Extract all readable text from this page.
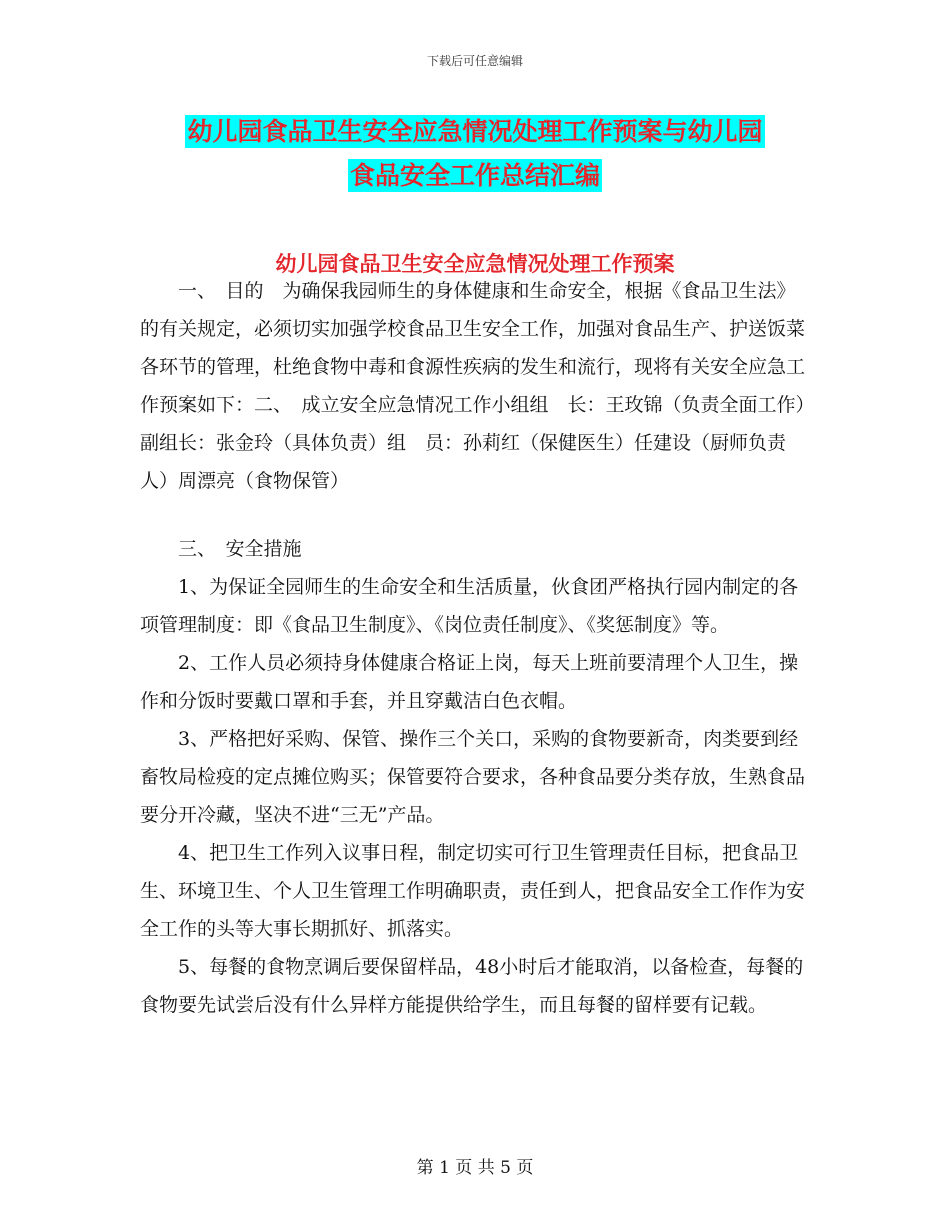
下载后可任意编辑
幼儿园食品卫生安全应急情况处理工作预案与幼儿园
食品安全工作总结汇编
幼儿园食品卫生安全应急情况处理工作预案

一、　目的　为确保我园师生的身体健康和生命安全，根据《食品卫生法》的有关规定，必须切实加强学校食品卫生安全工作，加强对食品生产、护送饭菜各环节的管理，杜绝食物中毒和食源性疾病的发生和流行，现将有关安全应急工作预案如下：二、　成立安全应急情况工作小组组　长：王玫锦（负责全面工作）副组长：张金玲（具体负责）组　员：孙莉红（保健医生）任建设（厨师负责人）周漂亮（食物保管）

三、　安全措施

1、为保证全园师生的生命安全和生活质量，伙食团严格执行园内制定的各项管理制度：即《食品卫生制度》、《岗位责任制度》、《奖惩制度》等。

2、工作人员必须持身体健康合格证上岗，每天上班前要清理个人卫生，操作和分饭时要戴口罩和手套，并且穿戴洁白色衣帽。

3、严格把好采购、保管、操作三个关口，采购的食物要新奇，肉类要到经畜牧局检疫的定点摊位购买；保管要符合要求，各种食品要分类存放，生熟食品要分开冷藏，坚决不进“三无”产品。

4、把卫生工作列入议事日程，制定切实可行卫生管理责任目标，把食品卫生、环境卫生、个人卫生管理工作明确职责，责任到人，把食品安全工作作为安全工作的头等大事长期抓好、抓落实。

5、每餐的食物烹调后要保留样品，48小时后才能取消，以备检查，每餐的食物要先试尝后没有什么异样方能提供给学生，而且每餐的留样要有记载。

第 1 页 共 5 页
